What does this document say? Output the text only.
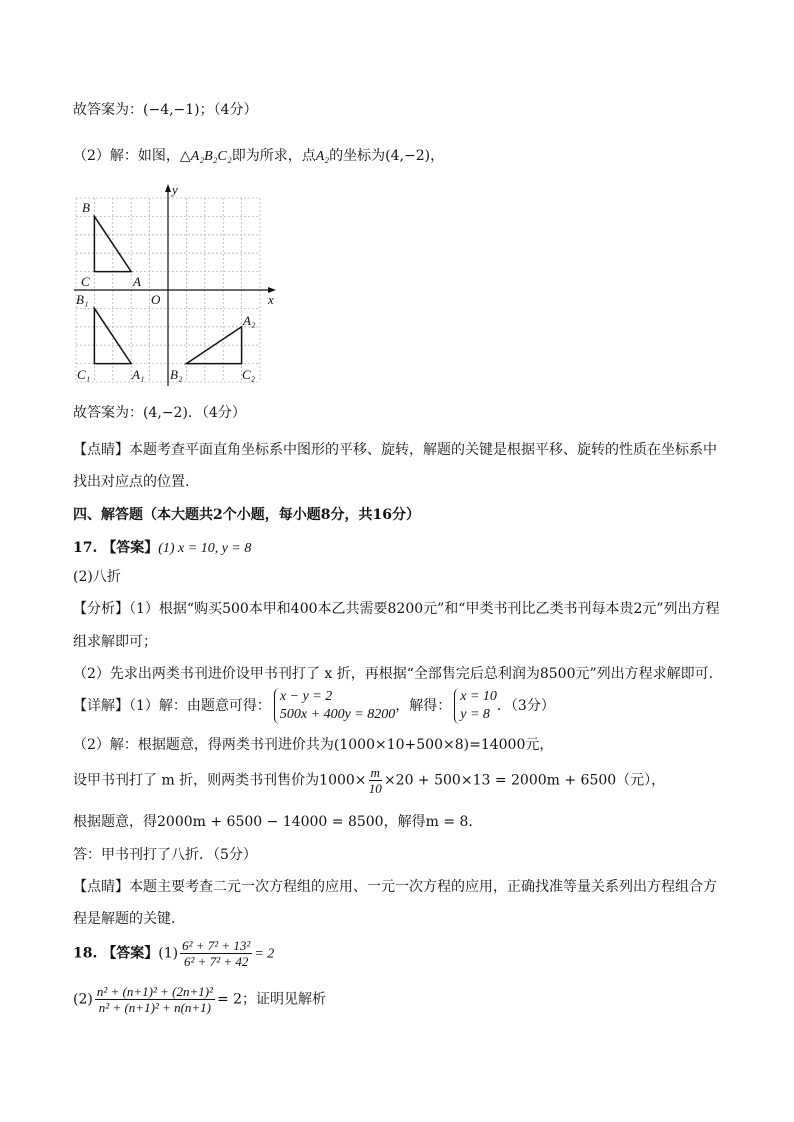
故答案为：(−4,−1)；（4分）
（2）解：如图，△A₂B₂C₂即为所求，点A₂的坐标为(4,−2)，
B
C	A
B₁	O	x
y
A₂
C₁	A₁ B₂	C₂
故答案为：(4,−2)．（4分）
【点睛】本题考查平面直角坐标系中图形的平移、旋转，解题的关键是根据平移、旋转的性质在坐标系中
找出对应点的位置.
四、解答题（本大题共2个小题，每小题8分，共16分）
17. 【答案】(1) x = 10, y = 8
(2)八折
【分析】（1）根据“购买500本甲和400本乙共需要8200元”和“甲类书刊比乙类书刊每本贵2元”列出方程
组求解即可；
（2）先求出两类书刊进价设甲书刊打了 x 折，再根据“全部售完后总利润为8500元”列出方程求解即可.
【详解】（1）解：由题意可得：
x − y = 2
500x + 400y = 8200
，解得：
x = 10
y = 8
．（3分）
（2）解：根据题意，得两类书刊进价共为(1000×10+500×8)=14000元，
设甲书刊打了 m 折，则两类书刊售价为$1000\times \frac{m}{10} \times 20 + 500\times 13 = 2000m + 6500$（元），
根据题意，得2000m + 6500 − 14000 = 8500，解得m = 8．
答：甲书刊打了八折．（5分）
【点睛】本题主要考查二元一次方程组的应用、一元一次方程的应用，正确找准等量关系列出方程组合方
程是解题的关键．
18. 【答案】$(1) \frac{\text{6² + 7² + 13²}}{\text{6² + 7² + 42}} = 2$
$(2) \frac{\text{n² + (n+1)² + (2n+1)²}}{\text{n² + (n+1)² + n(n+1)}} = 2$；证明见解析
